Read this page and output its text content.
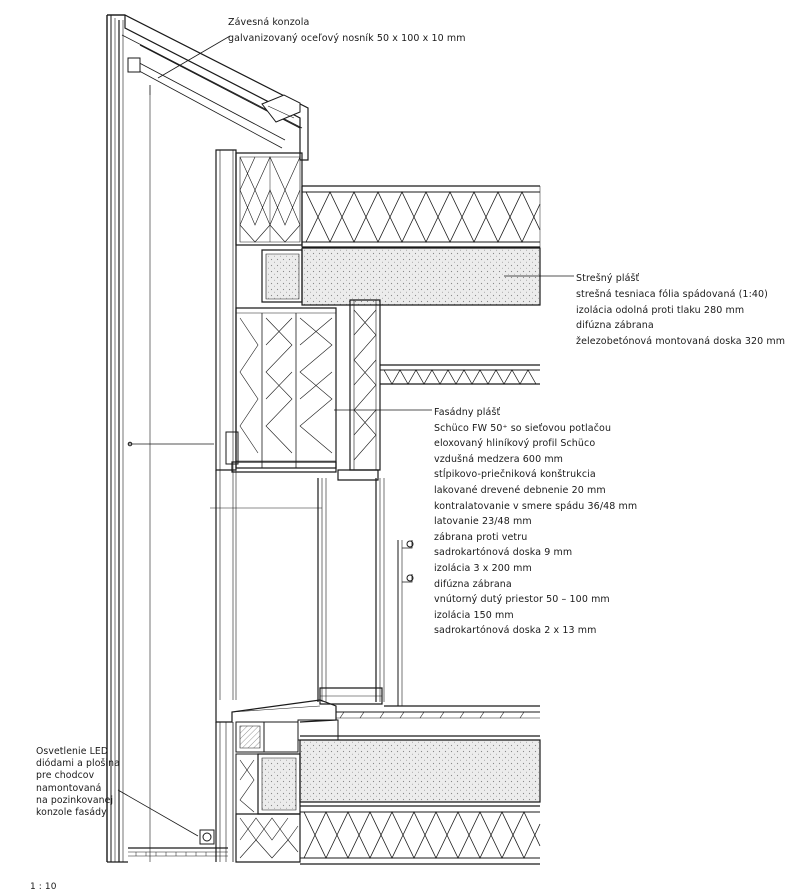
Závesná konzola
galvanizovaný oceľový nosník 50 x 100 x 10 mm
Strešný plášť
strešná tesniaca fólia spádovaná (1:40)
izolácia odolná proti tlaku 280 mm
difúzna zábrana
železobetónová montovaná doska 320 mm
Fasádny plášť
Schüco FW 50⁺ so sieťovou potlačou
eloxovaný hliníkový profil Schüco
vzdušná medzera 600 mm
stĺpikovo-priečniková konštrukcia
lakované drevené debnenie 20 mm
kontralatovanie v smere spádu 36/48 mm
latovanie 23/48 mm
zábrana proti vetru
sadrokartónová doska 9 mm
izolácia 3 x 200 mm
difúzna zábrana
vnútorný dutý priestor 50 – 100 mm
izolácia 150 mm
sadrokartónová doska 2 x 13 mm
Osvetlenie LED
diódami a plošina
pre chodcov
namontovaná
na pozinkovanej
konzole fasády
1 : 10
